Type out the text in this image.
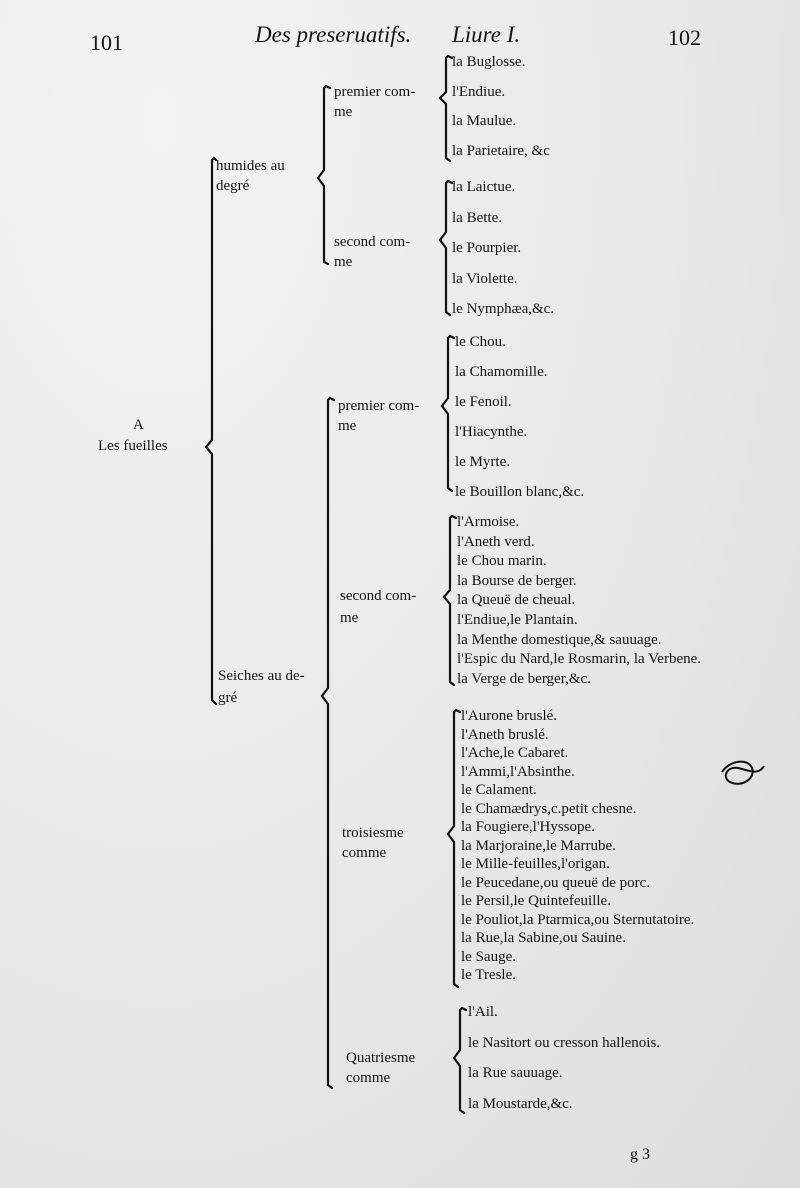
101	Des preseruatifs. Liure I.	102
A
Les fueilles
humides au
degré
Seiches au de-
gré
premier com-
me
second com-
me
premier com-
me
second com-
me
troisiesme
comme
Quatriesme
comme
la Buglosse.
l'Endiue.
la Maulue.
la Parietaire, &c
la Laictue.
la Bette.
le Pourpier.
la Violette.
le Nymphæa,&c.
le Chou.
la Chamomille.
le Fenoil.
l'Hiacynthe.
le Myrte.
le Bouillon blanc,&c.
l'Armoise.
l'Aneth verd.
le Chou marin.
la Bourse de berger.
la Queuë de cheual.
l'Endiue,le Plantain.
la Menthe domestique,& sauuage.
l'Espic du Nard,le Rosmarin, la Verbene.
la Verge de berger,&c.
l'Aurone bruslé.
l'Aneth bruslé.
l'Ache,le Cabaret.
l'Ammi,l'Absinthe.
le Calament.
le Chamædrys,c.petit chesne.
la Fougiere,l'Hyssope.
la Marjoraine,le Marrube.
le Mille-feuilles,l'origan.
le Peucedane,ou queuë de porc.
le Persil,le Quintefeuille.
le Pouliot,la Ptarmica,ou Sternutatoire.
la Rue,la Sabine,ou Sauine.
le Sauge.
le Tresle.
l'Ail.
le Nasitort ou cresson hallenois.
la Rue sauuage.
la Moustarde,&c.
g 3
